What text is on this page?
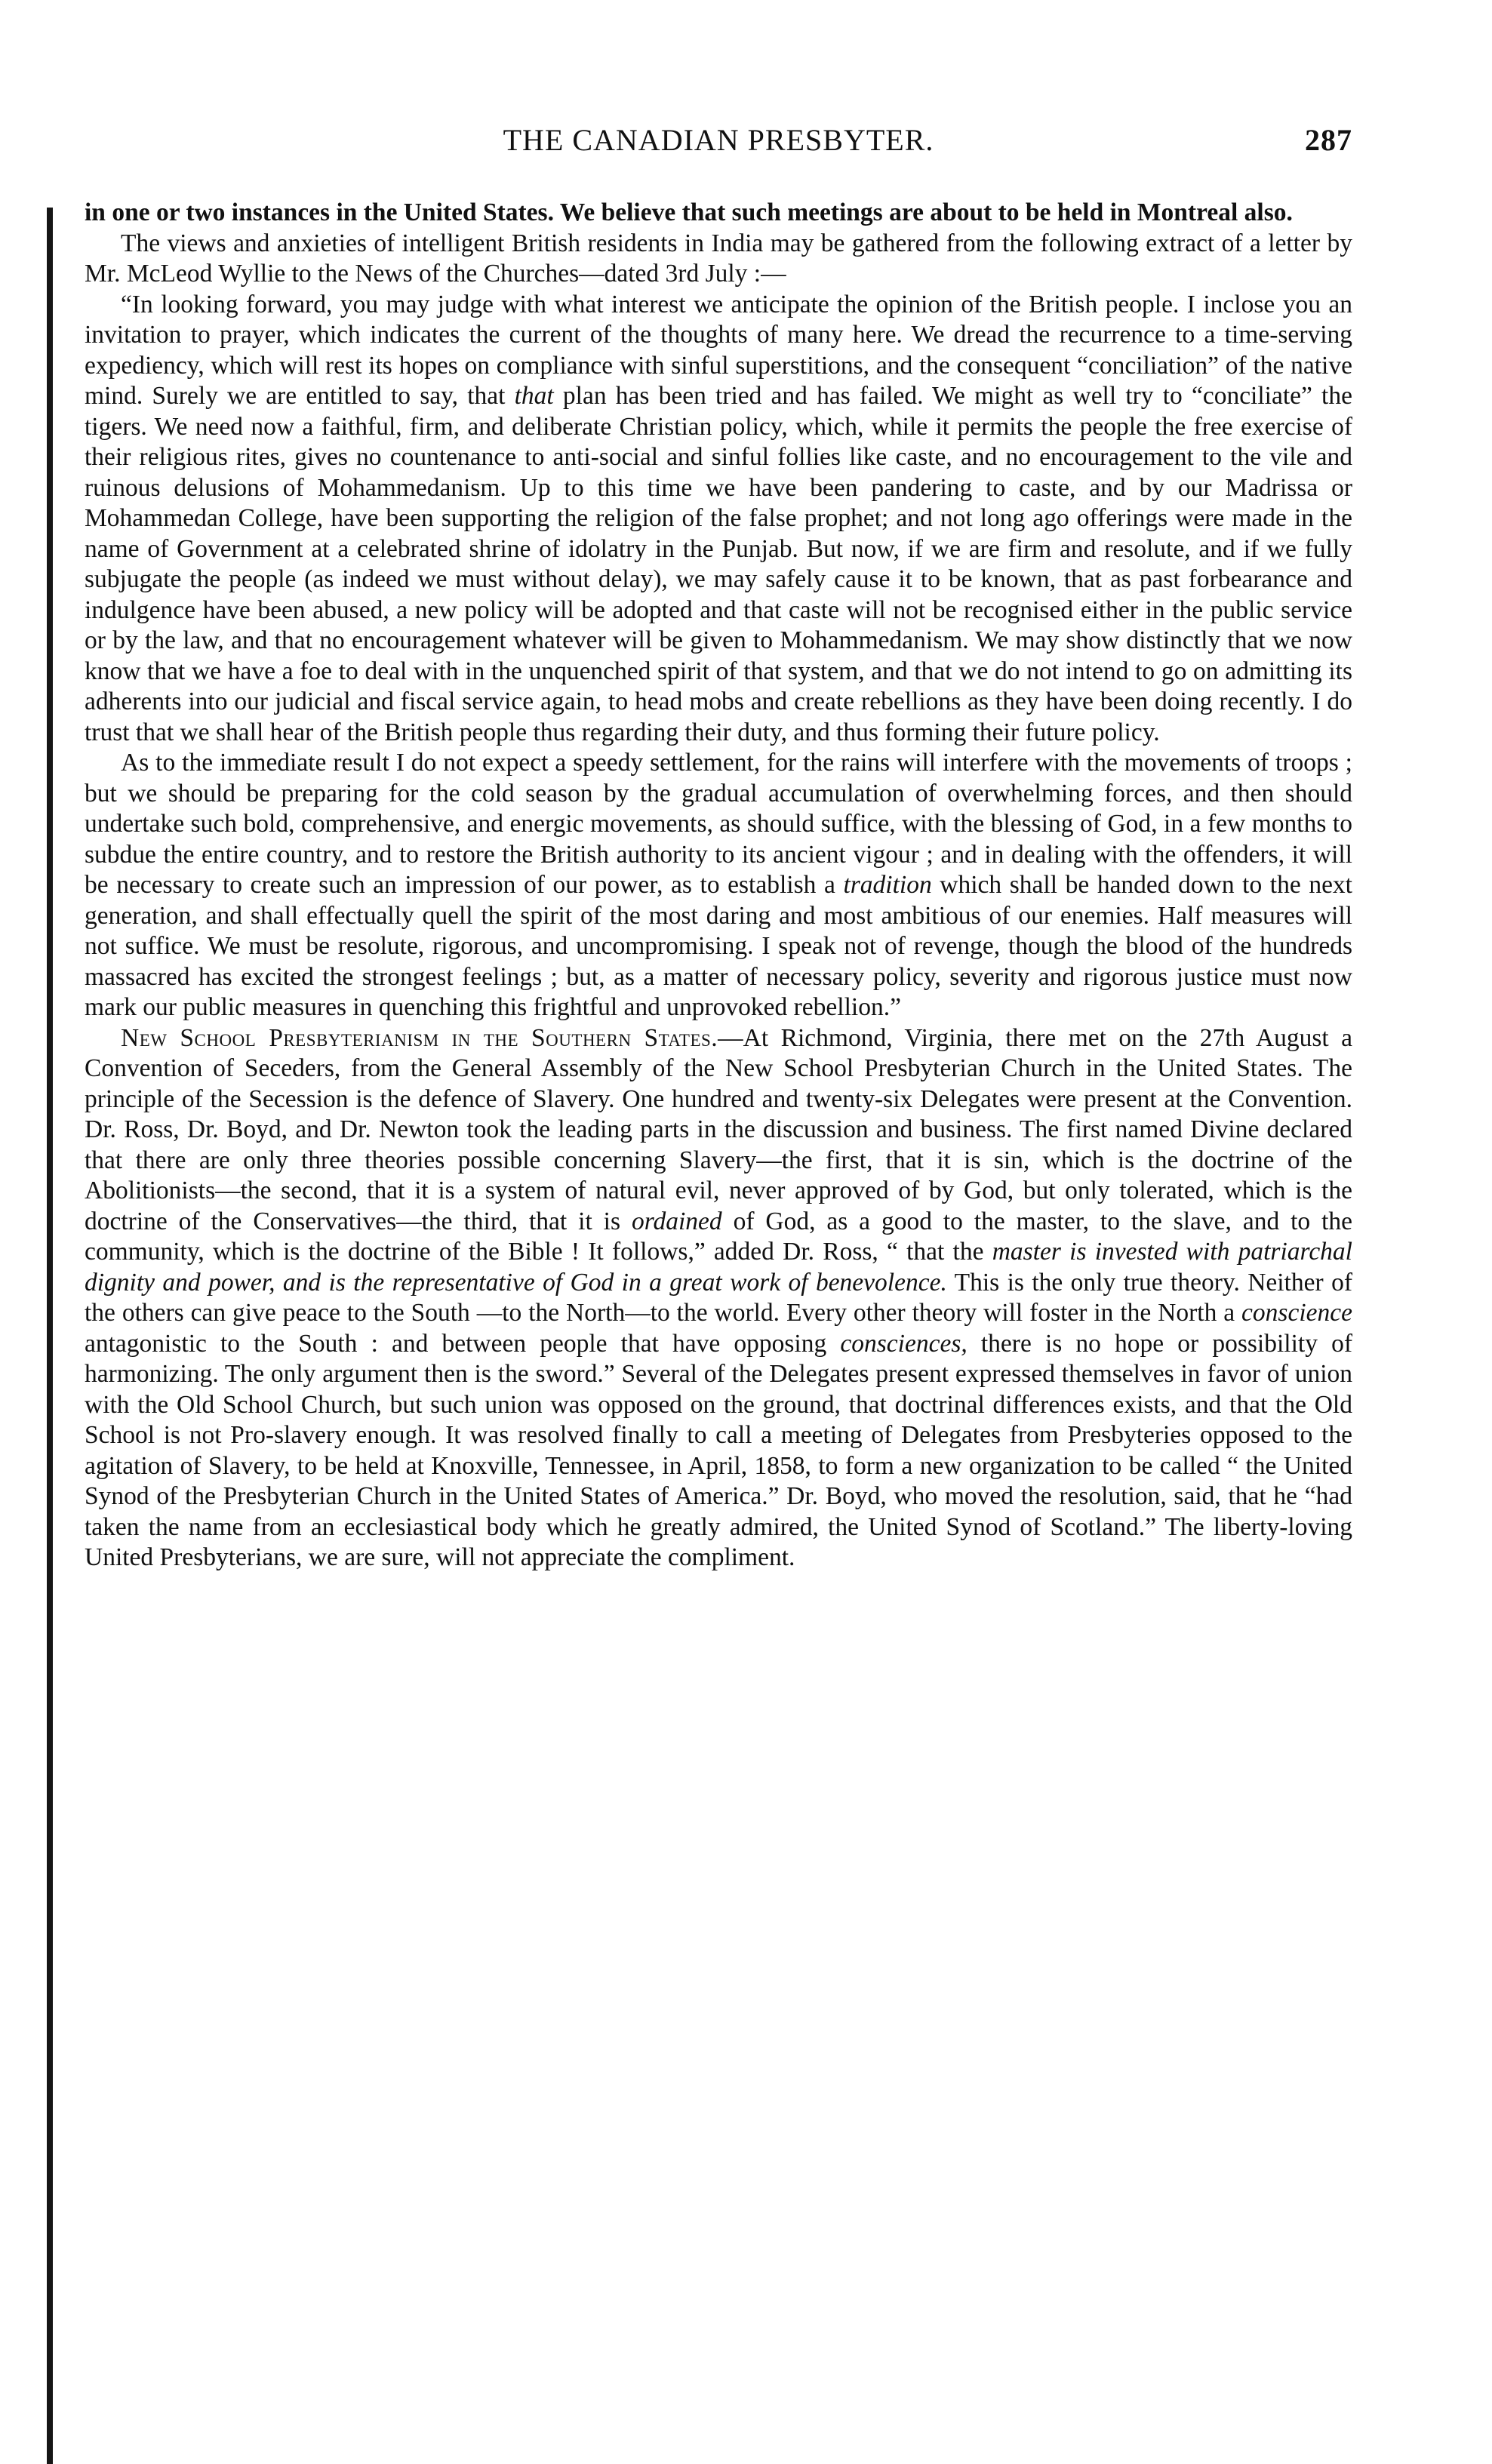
THE CANADIAN PRESBYTER.	287

in one or two instances in the United States. We believe that such meetings are about to be held in Montreal also.

The views and anxieties of intelligent British residents in India may be gathered from the following extract of a letter by Mr. McLeod Wyllie to the News of the Churches—dated 3rd July :—

“In looking forward, you may judge with what interest we anticipate the opinion of the British people. I inclose you an invitation to prayer, which indicates the current of the thoughts of many here. We dread the recurrence to a time-serving expediency, which will rest its hopes on compliance with sinful superstitions, and the consequent “conciliation” of the native mind. Surely we are entitled to say, that that plan has been tried and has failed. We might as well try to “conciliate” the tigers. We need now a faithful, firm, and deliberate Christian policy, which, while it permits the people the free exercise of their religious rites, gives no countenance to anti-social and sinful follies like caste, and no encouragement to the vile and ruinous delusions of Mohammedanism. Up to this time we have been pandering to caste, and by our Madrissa or Mohammedan College, have been supporting the religion of the false prophet; and not long ago offerings were made in the name of Government at a celebrated shrine of idolatry in the Punjab. But now, if we are firm and resolute, and if we fully subjugate the people (as indeed we must without delay), we may safely cause it to be known, that as past forbearance and indulgence have been abused, a new policy will be adopted and that caste will not be recognised either in the public service or by the law, and that no encouragement whatever will be given to Mohammedanism. We may show distinctly that we now know that we have a foe to deal with in the unquenched spirit of that system, and that we do not intend to go on admitting its adherents into our judicial and fiscal service again, to head mobs and create rebellions as they have been doing recently. I do trust that we shall hear of the British people thus regarding their duty, and thus forming their future policy.

As to the immediate result I do not expect a speedy settlement, for the rains will interfere with the movements of troops ; but we should be preparing for the cold season by the gradual accumulation of overwhelming forces, and then should undertake such bold, comprehensive, and energic movements, as should suffice, with the blessing of God, in a few months to subdue the entire country, and to restore the British authority to its ancient vigour ; and in dealing with the offenders, it will be necessary to create such an impression of our power, as to establish a tradition which shall be handed down to the next generation, and shall effectually quell the spirit of the most daring and most ambitious of our enemies. Half measures will not suffice. We must be resolute, rigorous, and uncompromising. I speak not of revenge, though the blood of the hundreds massacred has excited the strongest feelings ; but, as a matter of necessary policy, severity and rigorous justice must now mark our public measures in quenching this frightful and unprovoked rebellion.”

New School Presbyterianism in the Southern States.—At Richmond, Virginia, there met on the 27th August a Convention of Seceders, from the General Assembly of the New School Presbyterian Church in the United States. The principle of the Secession is the defence of Slavery. One hundred and twenty-six Delegates were present at the Convention. Dr. Ross, Dr. Boyd, and Dr. Newton took the leading parts in the discussion and business. The first named Divine declared that there are only three theories possible concerning Slavery—the first, that it is sin, which is the doctrine of the Abolitionists—the second, that it is a system of natural evil, never approved of by God, but only tolerated, which is the doctrine of the Conservatives—the third, that it is ordained of God, as a good to the master, to the slave, and to the community, which is the doctrine of the Bible ! It follows,” added Dr. Ross, “ that the master is invested with patriarchal dignity and power, and is the representative of God in a great work of benevolence. This is the only true theory. Neither of the others can give peace to the South —to the North—to the world. Every other theory will foster in the North a conscience antagonistic to the South : and between people that have opposing consciences, there is no hope or possibility of harmonizing. The only argument then is the sword.” Several of the Delegates present expressed themselves in favor of union with the Old School Church, but such union was opposed on the ground, that doctrinal differences exists, and that the Old School is not Pro-slavery enough. It was resolved finally to call a meeting of Delegates from Presbyteries opposed to the agitation of Slavery, to be held at Knoxville, Tennessee, in April, 1858, to form a new organization to be called “ the United Synod of the Presbyterian Church in the United States of America.” Dr. Boyd, who moved the resolution, said, that he “had taken the name from an ecclesiastical body which he greatly admired, the United Synod of Scotland.” The liberty-loving United Presbyterians, we are sure, will not appreciate the compliment.
